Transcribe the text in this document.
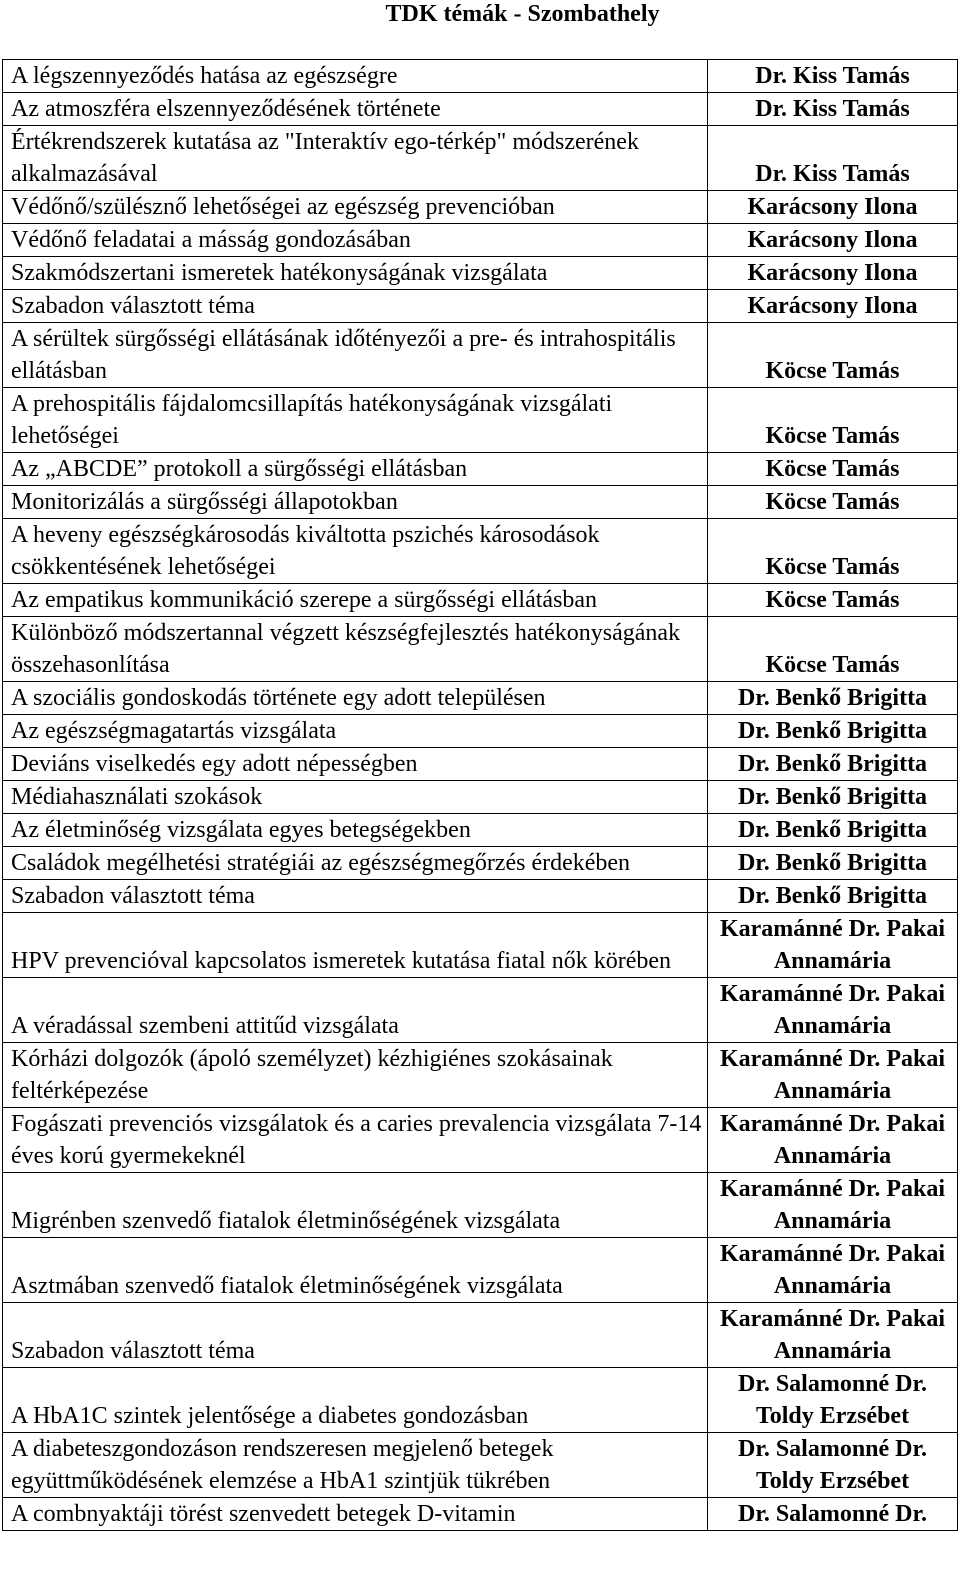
TDK témák - Szombathely
A légszennyeződés hatása az egészségre	Dr. Kiss Tamás
Az atmoszféra elszennyeződésének története	Dr. Kiss Tamás
Értékrendszerek kutatása az "Interaktív ego-térkép" módszerének alkalmazásával	Dr. Kiss Tamás
Védőnő/szülésznő lehetőségei az egészség prevencióban	Karácsony Ilona
Védőnő feladatai a másság gondozásában	Karácsony Ilona
Szakmódszertani ismeretek hatékonyságának vizsgálata	Karácsony Ilona
Szabadon választott téma	Karácsony Ilona
A sérültek sürgősségi ellátásának időtényezői a pre- és intrahospitális ellátásban	Köcse Tamás
A prehospitális fájdalomcsillapítás hatékonyságának vizsgálati lehetőségei	Köcse Tamás
Az „ABCDE” protokoll a sürgősségi ellátásban	Köcse Tamás
Monitorizálás a sürgősségi állapotokban	Köcse Tamás
A heveny egészségkárosodás kiváltotta pszichés károsodások csökkentésének lehetőségei	Köcse Tamás
Az empatikus kommunikáció szerepe a sürgősségi ellátásban	Köcse Tamás
Különböző módszertannal végzett készségfejlesztés hatékonyságának összehasonlítása	Köcse Tamás
A szociális gondoskodás története egy adott településen	Dr. Benkő Brigitta
Az egészségmagatartás vizsgálata	Dr. Benkő Brigitta
Deviáns viselkedés egy adott népességben	Dr. Benkő Brigitta
Médiahasználati szokások	Dr. Benkő Brigitta
Az életminőség vizsgálata egyes betegségekben	Dr. Benkő Brigitta
Családok megélhetési stratégiái az egészségmegőrzés érdekében	Dr. Benkő Brigitta
Szabadon választott téma	Dr. Benkő Brigitta
HPV prevencióval kapcsolatos ismeretek kutatása fiatal nők körében	Karamánné Dr. Pakai Annamária
A véradással szembeni attitűd vizsgálata	Karamánné Dr. Pakai Annamária
Kórházi dolgozók (ápoló személyzet) kézhigiénes szokásainak feltérképezése	Karamánné Dr. Pakai Annamária
Fogászati prevenciós vizsgálatok és a caries prevalencia vizsgálata 7-14 éves korú gyermekeknél	Karamánné Dr. Pakai Annamária
Migrénben szenvedő fiatalok életminőségének vizsgálata	Karamánné Dr. Pakai Annamária
Asztmában szenvedő fiatalok életminőségének vizsgálata	Karamánné Dr. Pakai Annamária
Szabadon választott téma	Karamánné Dr. Pakai Annamária
A HbA1C szintek jelentősége a diabetes gondozásban	Dr. Salamonné Dr. Toldy Erzsébet
A diabeteszgondozáson rendszeresen megjelenő betegek együttműködésének elemzése a HbA1 szintjük tükrében	Dr. Salamonné Dr. Toldy Erzsébet
A combnyaktáji törést szenvedett betegek D-vitamin	Dr. Salamonné Dr.
